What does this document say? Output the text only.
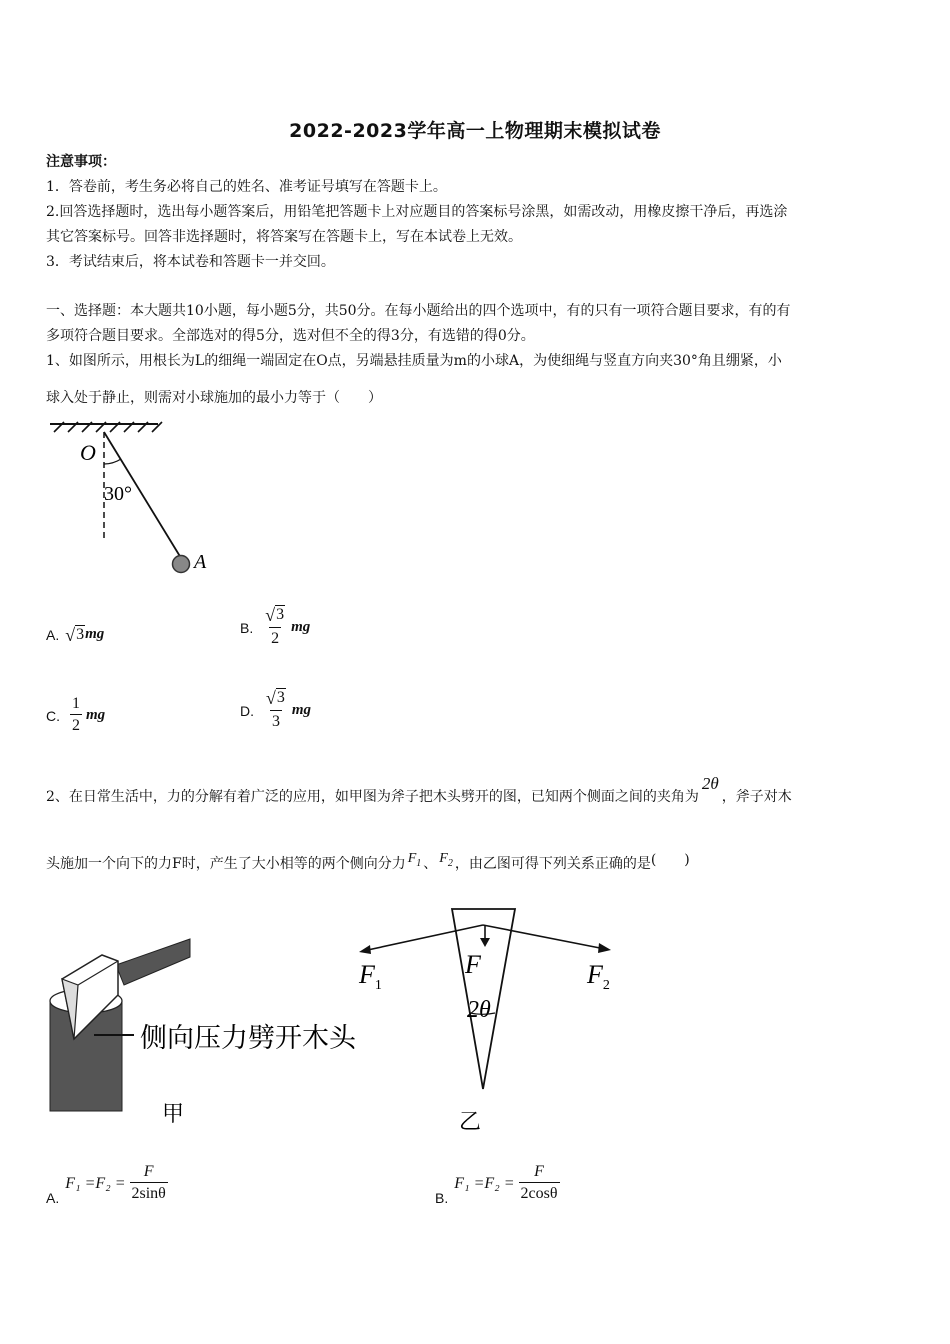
2022-2023学年高一上物理期末模拟试卷
注意事项：
1．答卷前，考生务必将自己的姓名、准考证号填写在答题卡上。
2.回答选择题时，选出每小题答案后，用铅笔把答题卡上对应题目的答案标号涂黑，如需改动，用橡皮擦干净后，再选涂
其它答案标号。回答非选择题时，将答案写在答题卡上，写在本试卷上无效。
3．考试结束后，将本试卷和答题卡一并交回。
一、选择题：本大题共10小题，每小题5分，共50分。在每小题给出的四个选项中，有的只有一项符合题目要求，有的有
多项符合题目要求。全部选对的得5分，选对但不全的得3分，有选错的得0分。
1、如图所示，用根长为L的细绳一端固定在O点，另端悬挂质量为m的小球A，为使细绳与竖直方向夹30°角且绷紧，小
球入处于静止，则需对小球施加的最小力等于（　　）
O
30°
A
A. √ 3 mg	B. $\frac{√ 3}{2}$ mg
C. $\frac{1}{2}$ mg	D. $\frac{√ 3}{3}$ mg
2、在日常生活中，力的分解有着广泛的应用，如甲图为斧子把木头劈开的图，已知两个侧面之间的夹角为2θ，斧子对木
头施加一个向下的力F时，产生了大小相等的两个侧向分力 $F_1$ 、 $F_2$ ，由乙图可得下列关系正确的是(　　)
侧向压力劈开木头
甲
$F_1$
F	$F_2$
2θ
乙
A.
$F_1 =F_2 = \frac{F}{2\sin\theta}$	B.
$F_1 =F_2 = \frac{F}{2\cos\theta}$
